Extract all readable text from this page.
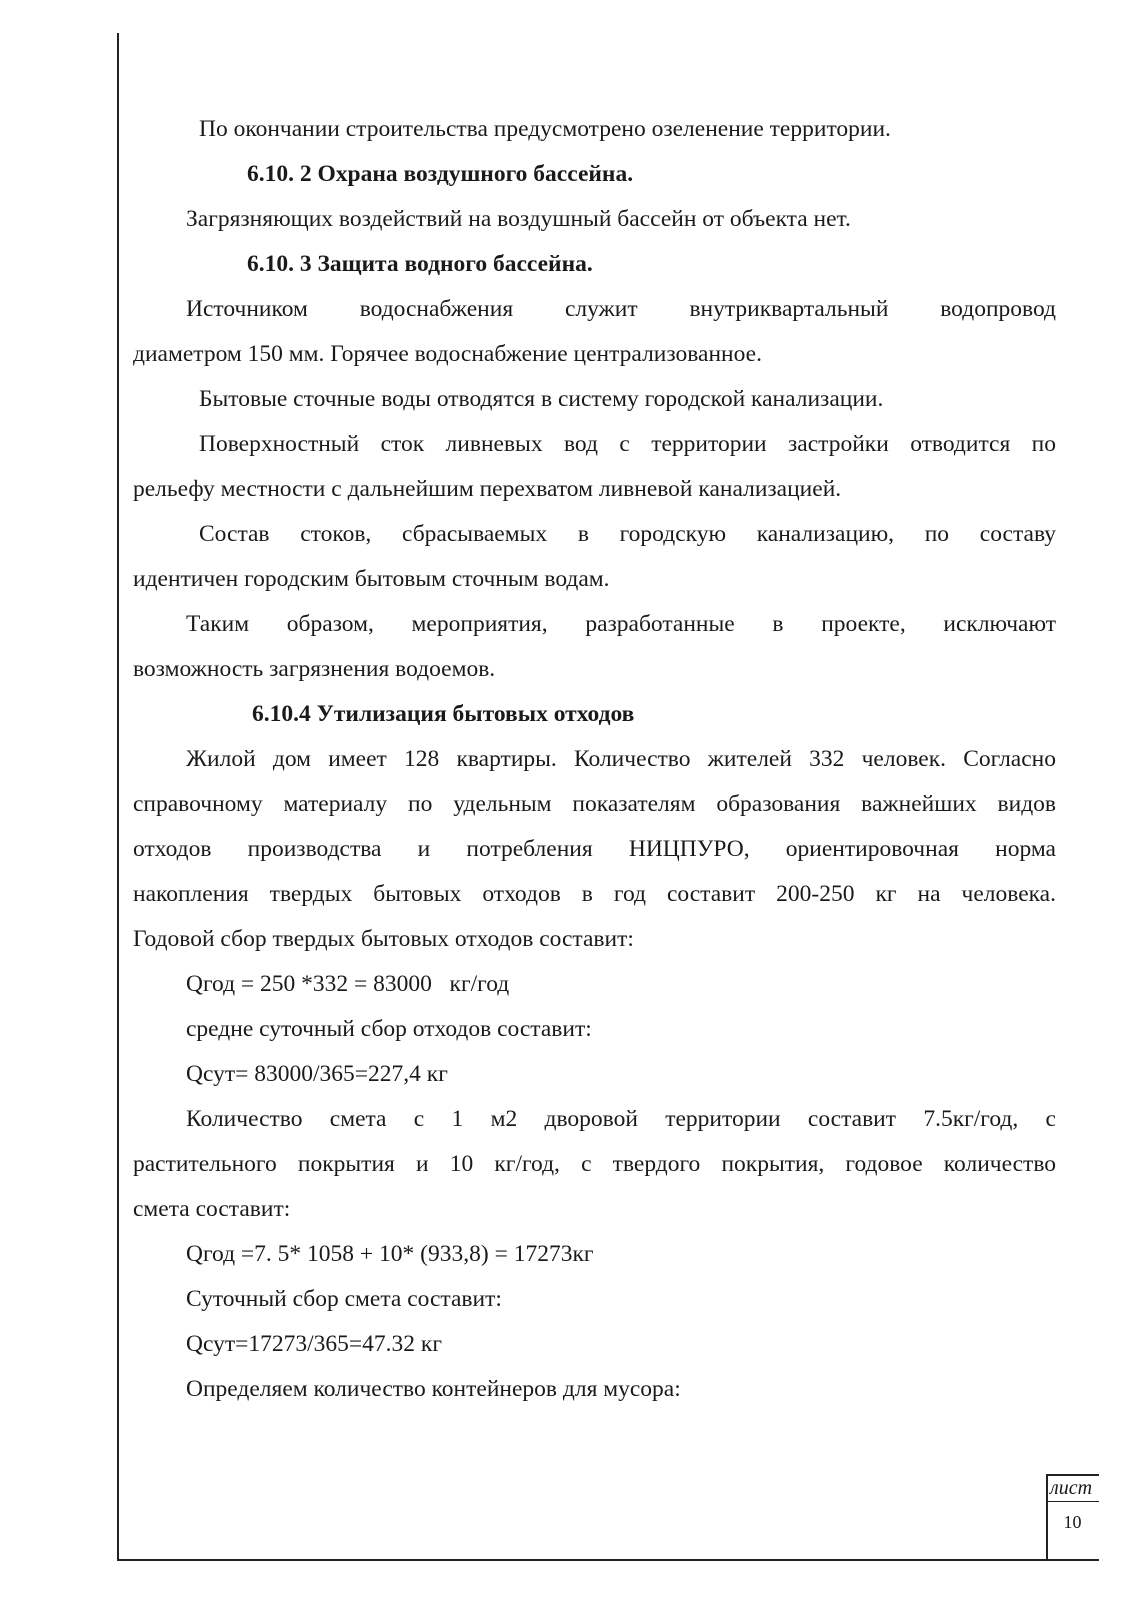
По окончании строительства предусмотрено озеленение территории.
6.10. 2 Охрана воздушного бассейна.
Загрязняющих воздействий на воздушный бассейн от объекта нет.
6.10. 3 Защита водного бассейна.
Источником водоснабжения служит внутриквартальный водопровод
диаметром 150 мм. Горячее водоснабжение централизованное.
Бытовые сточные воды отводятся в систему городской канализации.
Поверхностный сток ливневых вод с территории застройки отводится по
рельефу местности с дальнейшим перехватом ливневой канализацией.
Состав стоков, сбрасываемых в городскую канализацию, по составу
идентичен городским бытовым сточным водам.
Таким образом, мероприятия, разработанные в проекте, исключают
возможность загрязнения водоемов.
6.10.4 Утилизация бытовых отходов
Жилой дом имеет 128 квартиры. Количество жителей 332 человек. Согласно
справочному материалу по удельным показателям образования важнейших видов
отходов производства и потребления НИЦПУРО, ориентировочная норма
накопления твердых бытовых отходов в год составит 200-250 кг на человека.
Годовой сбор твердых бытовых отходов составит:
Qгод = 250 *332 = 83000   кг/год
средне суточный сбор отходов составит:
Qсут= 83000/365=227,4 кг
Количество смета с 1 м2 дворовой территории составит 7.5кг/год, с
растительного покрытия и 10 кг/год, с твердого покрытия, годовое количество
смета составит:
Qгод =7. 5* 1058 + 10* (933,8) = 17273кг
Суточный сбор смета составит:
Qсут=17273/365=47.32 кг
Определяем количество контейнеров для мусора:
лист
10
